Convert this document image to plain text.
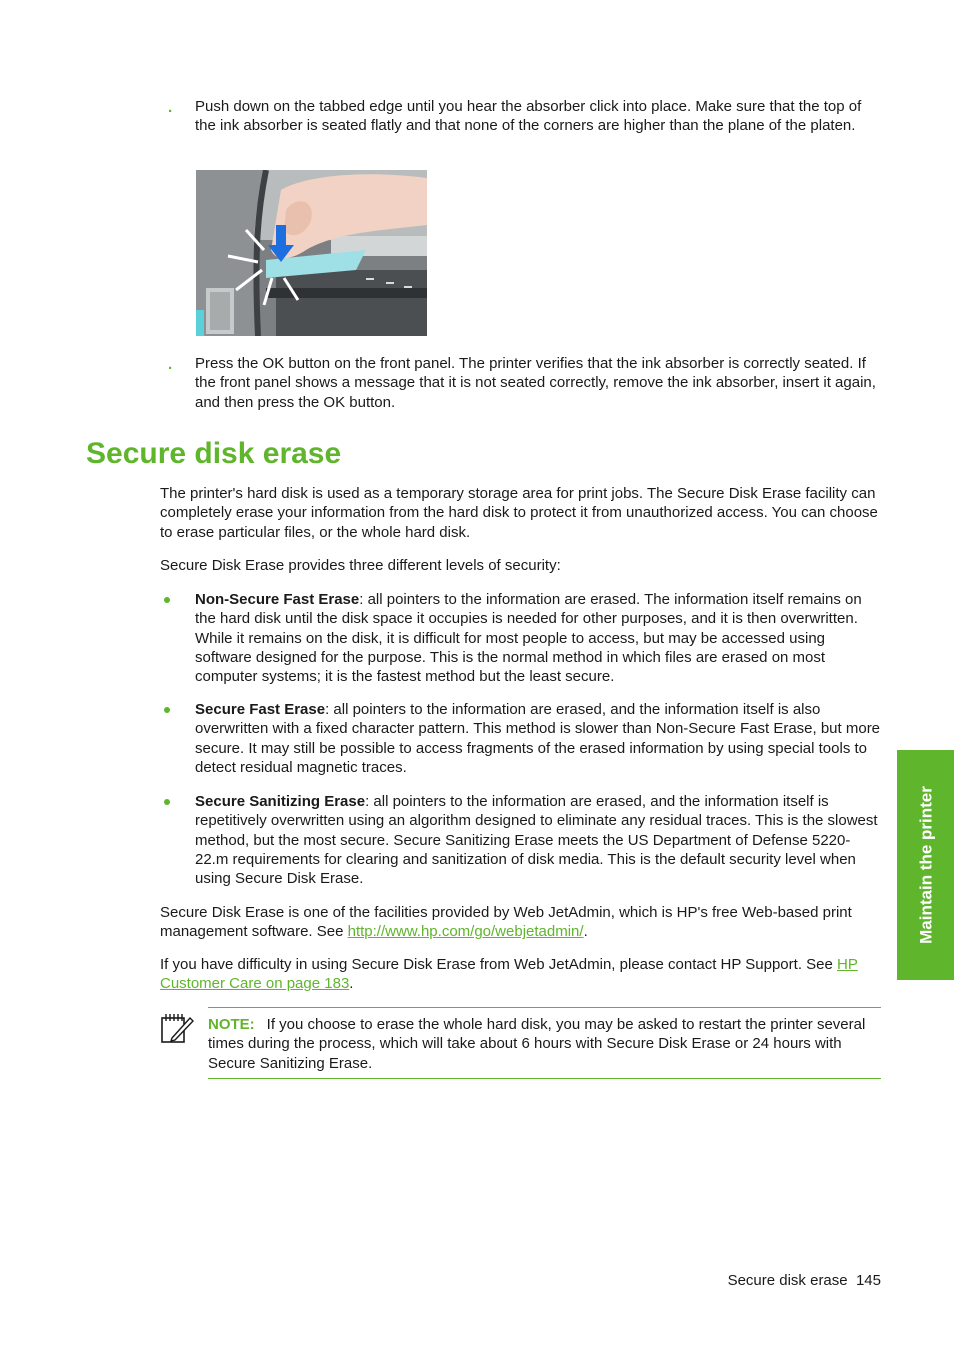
. Push down on the tabbed edge until you hear the absorber click into place. Make sure that the top of the ink absorber is seated flatly and that none of the corners are higher than the plane of the platen.
. Press the OK button on the front panel. The printer verifies that the ink absorber is correctly seated. If the front panel shows a message that it is not seated correctly, remove the ink absorber, insert it again, and then press the OK button.
Secure disk erase
The printer's hard disk is used as a temporary storage area for print jobs. The Secure Disk Erase facility can completely erase your information from the hard disk to protect it from unauthorized access. You can choose to erase particular files, or the whole hard disk.
Secure Disk Erase provides three different levels of security:
Non-Secure Fast Erase: all pointers to the information are erased. The information itself remains on the hard disk until the disk space it occupies is needed for other purposes, and it is then overwritten. While it remains on the disk, it is difficult for most people to access, but may be accessed using software designed for the purpose. This is the normal method in which files are erased on most computer systems; it is the fastest method but the least secure.
Secure Fast Erase: all pointers to the information are erased, and the information itself is also overwritten with a fixed character pattern. This method is slower than Non-Secure Fast Erase, but more secure. It may still be possible to access fragments of the erased information by using special tools to detect residual magnetic traces.
Secure Sanitizing Erase: all pointers to the information are erased, and the information itself is repetitively overwritten using an algorithm designed to eliminate any residual traces. This is the slowest method, but the most secure. Secure Sanitizing Erase meets the US Department of Defense 5220-22.m requirements for clearing and sanitization of disk media. This is the default security level when using Secure Disk Erase.
Secure Disk Erase is one of the facilities provided by Web JetAdmin, which is HP's free Web-based print management software. See http://www.hp.com/go/webjetadmin/.
If you have difficulty in using Secure Disk Erase from Web JetAdmin, please contact HP Support. See HP Customer Care on page 183.
NOTE: If you choose to erase the whole hard disk, you may be asked to restart the printer several times during the process, which will take about 6 hours with Secure Disk Erase or 24 hours with Secure Sanitizing Erase.
Maintain the printer
Secure disk erase 145
